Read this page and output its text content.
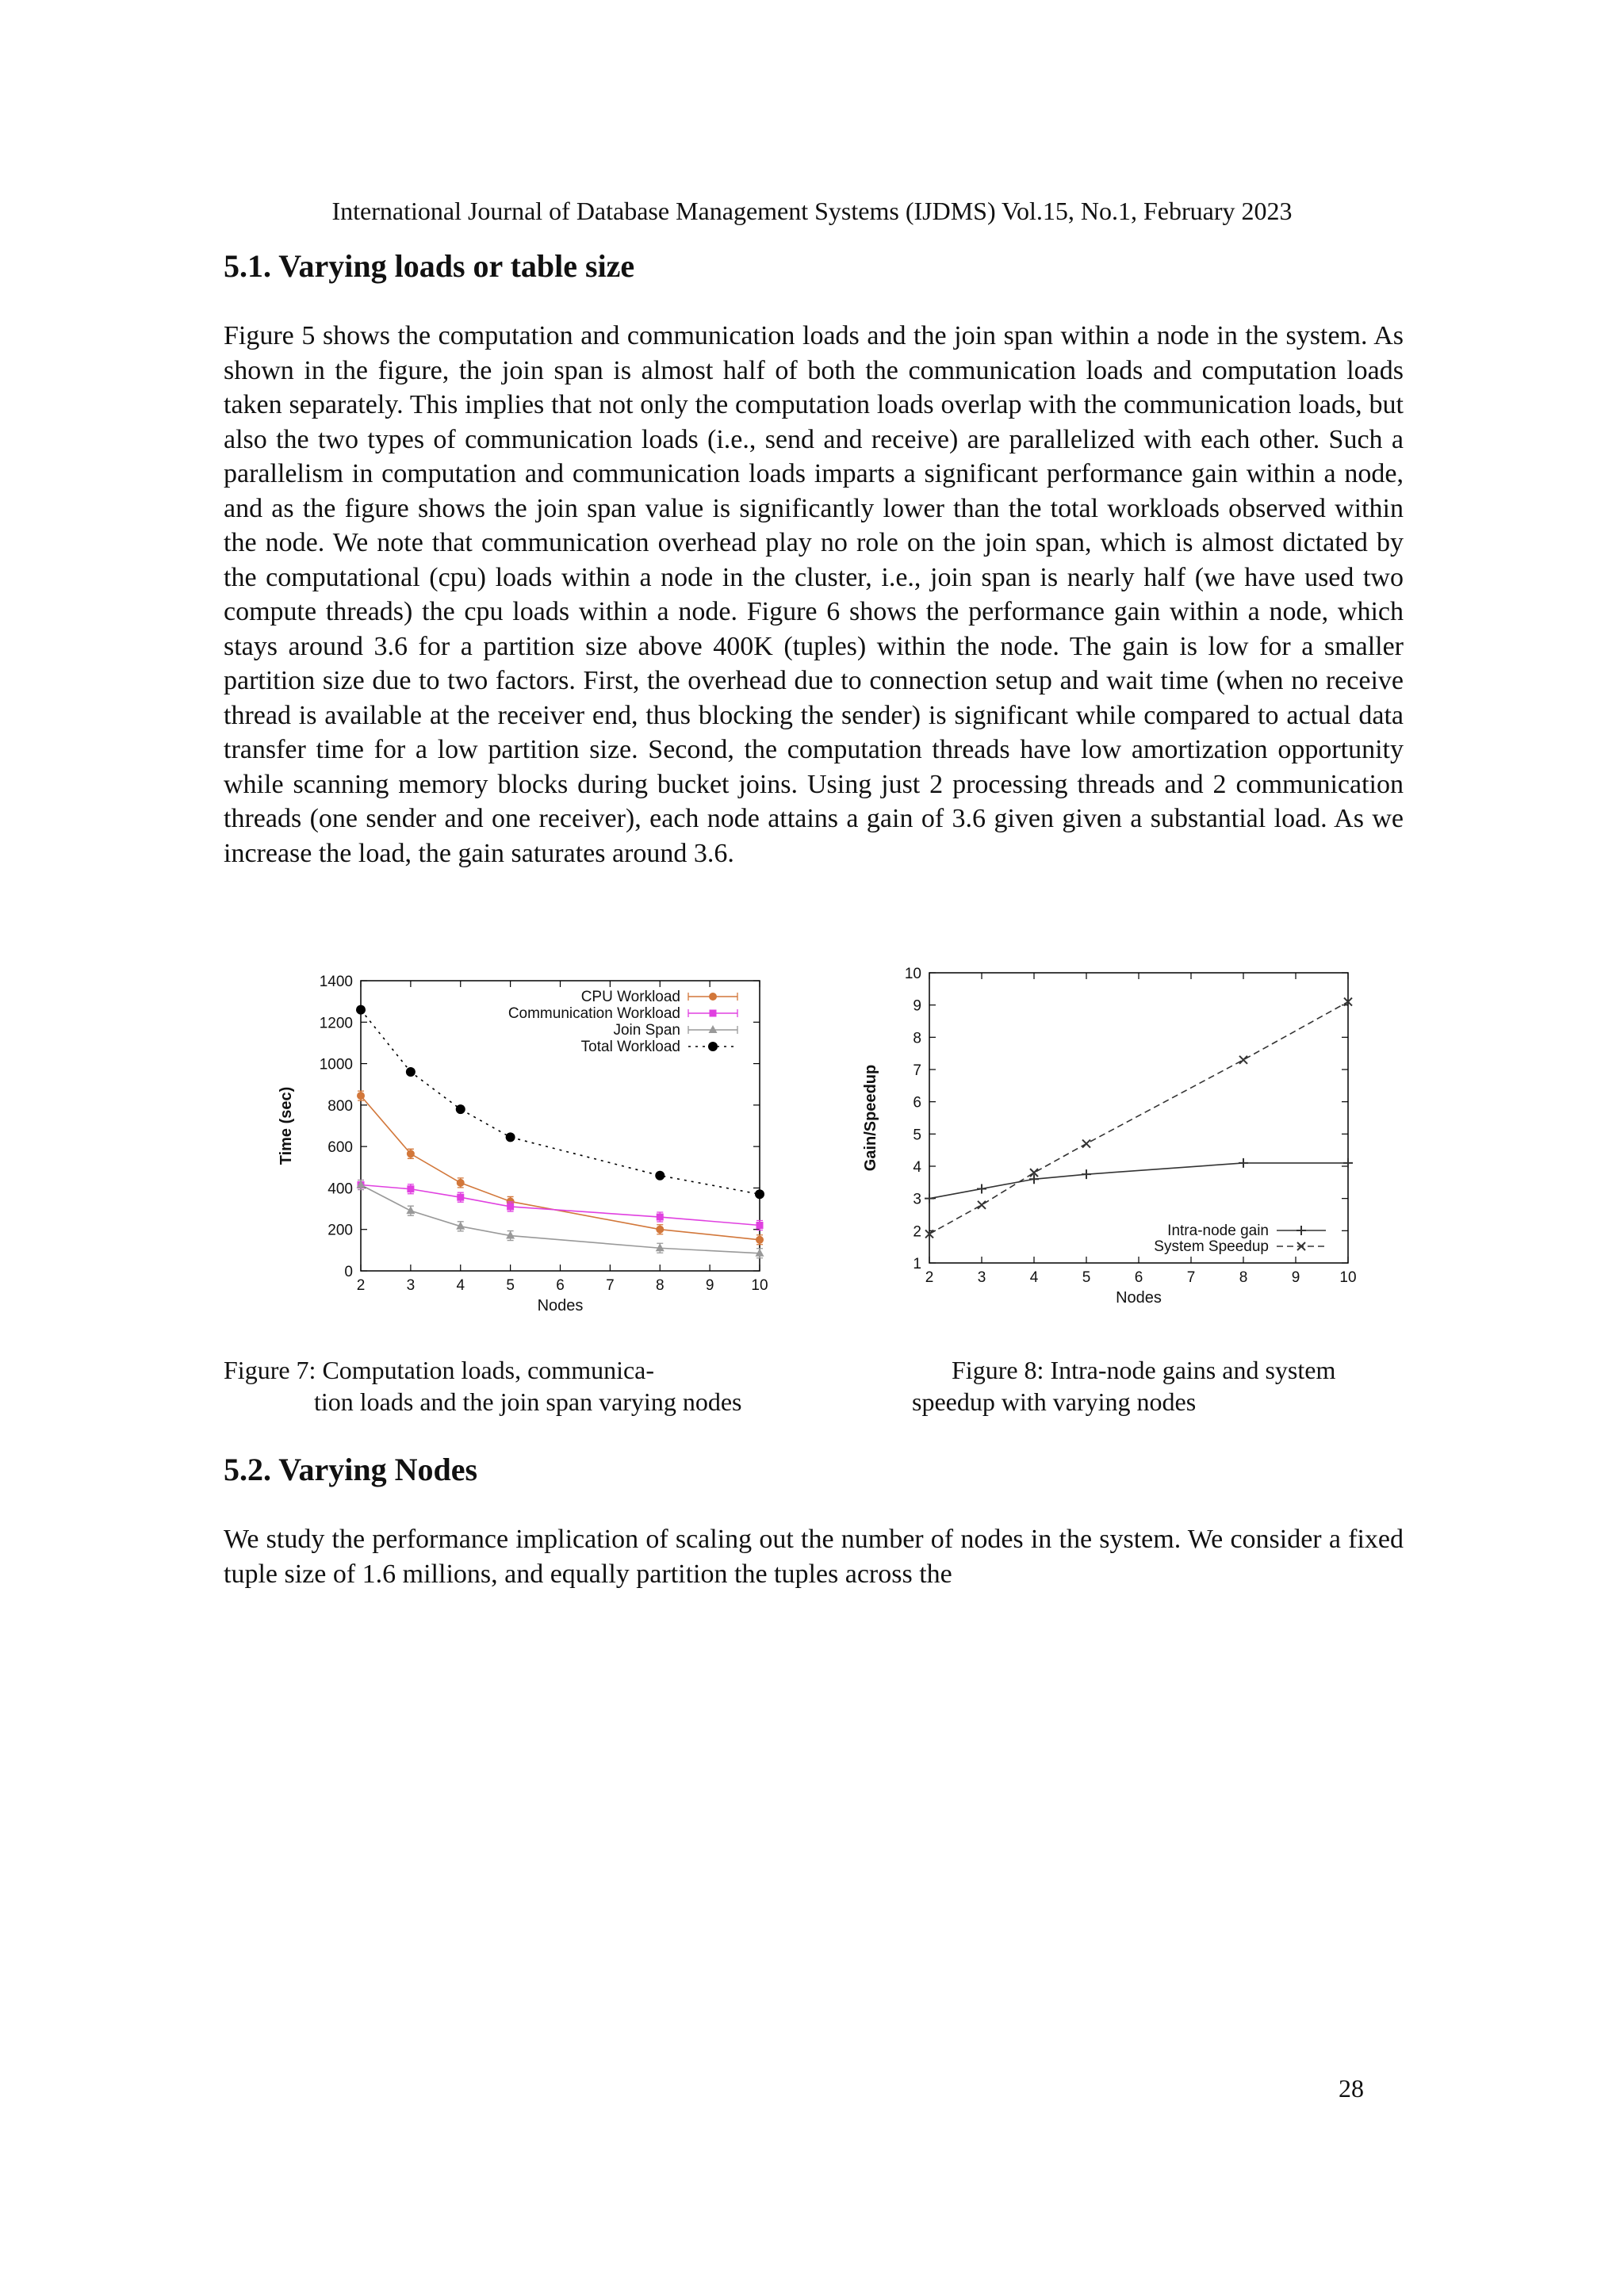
International Journal of Database Management Systems (IJDMS) Vol.15, No.1, February 2023
5.1. Varying loads or table size

Figure 5 shows the computation and communication loads and the join span within a node in the system. As shown in the figure, the join span is almost half of both the communication loads and computation loads taken separately. This implies that not only the computation loads overlap with the communication loads, but also the two types of communication loads (i.e., send and receive) are parallelized with each other. Such a parallelism in computation and communication loads imparts a significant performance gain within a node, and as the figure shows the join span value is significantly lower than the total workloads observed within the node. We note that communication overhead play no role on the join span, which is almost dictated by the computational (cpu) loads within a node in the cluster, i.e., join span is nearly half (we have used two compute threads) the cpu loads within a node. Figure 6 shows the performance gain within a node, which stays around 3.6 for a partition size above 400K (tuples) within the node. The gain is low for a smaller partition size due to two factors. First, the overhead due to connection setup and wait time (when no receive thread is available at the receiver end, thus blocking the sender) is significant while compared to actual data transfer time for a low partition size. Second, the computation threads have low amortization opportunity while scanning memory blocks during bucket joins. Using just 2 processing threads and 2 communication threads (one sender and one receiver), each node attains a gain of 3.6 given given a substantial load. As we increase the load, the gain saturates around 3.6.

2	3	4	5	6	7	8	9 10
0
200
400
600
800
1000
1200
1400
Nodes
Time (sec)
CPU Workload
Communication Workload
Join Span
Total Workload
2	3	4	5	6	7	8	9	10
1
2
3
4
5
6
7
8
9
10
Nodes
Gain/Speedup
Intra-node gain
System Speedup
Figure 7: Computation loads, communica-
tion loads and the join span varying nodes
Figure 8: Intra-node gains and system
speedup with varying nodes
5.2. Varying Nodes

We study the performance implication of scaling out the number of nodes in the system. We consider a fixed tuple size of 1.6 millions, and equally partition the tuples across the

28
